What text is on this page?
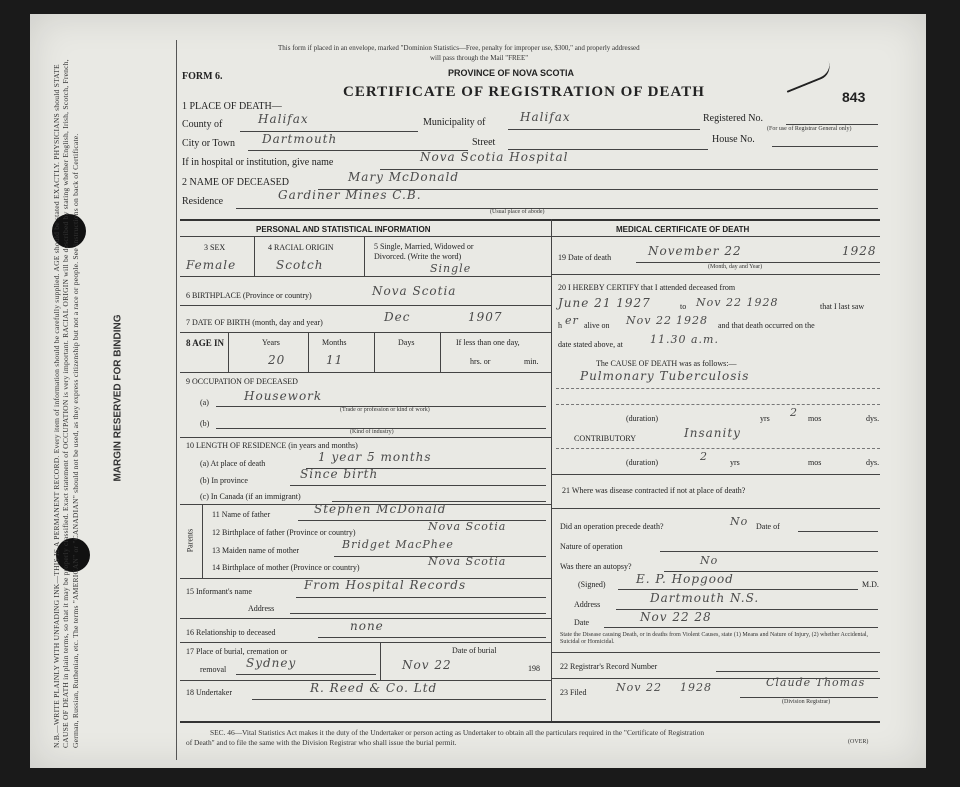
N.B.—WRITE PLAINLY WITH UNFADING INK—THIS IS A PERMANENT RECORD. Every item of information should be carefully supplied. AGE should be stated EXACTLY. PHYSICIANS should STATE CAUSE OF DEATH in plain terms, so that it may be properly classified. Exact statement of OCCUPATION is very important. RACIAL ORIGIN will be described by stating whether English, Irish, Scotch, French, German, Russian, Ruthenian, etc. The terms "AMERICAN" or "CANADIAN" should not be used, as they express citizenship but not a race or people. See instructions on back of Certificate.	MARGIN RESERVED FOR BINDING
This form if placed in an envelope, marked "Dominion Statistics—Free, penalty for improper use, $300," and properly addressed
will pass through the Mail "FREE"
FORM 6.	PROVINCE OF NOVA SCOTIA
CERTIFICATE OF REGISTRATION OF DEATH	843
1 PLACE OF DEATH—
County of	Halifax	Municipality of	Halifax	Registered No.
(For use of Registrar General only)
City or Town Dartmouth	Street	House No.
If in hospital or institution, give name	Nova Scotia Hospital
2 NAME OF DECEASED	Mary McDonald
Residence	Gardiner Mines C.B.
(Usual place of abode)
PERSONAL AND STATISTICAL INFORMATION
3 SEX
Female
4 RACIAL ORIGIN
Scotch
5 Single, Married, Widowed or
Divorced. (Write the word)
Single
6 BIRTHPLACE (Province or country)	Nova Scotia
7 DATE OF BIRTH (month, day and year)	Dec	1907
8 AGE IN	Years
20
Months
11
Days	If less than one day,
hrs. or	min.
9 OCCUPATION OF DECEASED
(a)	Housework
(Trade or profession or kind of work)
(b)
(Kind of industry)
10 LENGTH OF RESIDENCE (in years and months)
(a) At place of death	1 year 5 months
(b) In province	Since birth
(c) In Canada (if an immigrant)
Parents
11 Name of father	Stephen McDonald
12 Birthplace of father (Province or country)	Nova Scotia
13 Maiden name of mother	Bridget MacPhee
14 Birthplace of mother (Province or country)	Nova Scotia
15 Informant's name	From Hospital Records
Address
16 Relationship to deceased	none
17 Place of burial, cremation or
removal Sydney
Date of burial
Nov 22	198
18 Undertaker	R. Reed & Co. Ltd
MEDICAL CERTIFICATE OF DEATH
19 Date of death	November 22	1928
(Month, day and Year)
20 I HEREBY CERTIFY that I attended deceased from
June 21 1927	to Nov 22 1928	that I last saw
h er alive on Nov 22 1928 and that death occurred on the
date stated above, at 11.30 a.m.
The CAUSE OF DEATH was as follows:—
Pulmonary Tuberculosis
(duration)	yrs 2 mos	dys.
CONTRIBUTORY	Insanity
(duration)	2	yrs	mos	dys.
21 Where was disease contracted if not at place of death?
Did an operation precede death?	No Date of
Nature of operation
Was there an autopsy?	No
(Signed)	E. P. Hopgood	M.D.
Address	Dartmouth N.S.
Date	Nov 22 28
State the Disease causing Death, or in deaths from Violent Causes, state (1) Means and Nature of Injury, (2) whether Accidental, Suicidal or Homicidal.
22 Registrar's Record Number
23 Filed	Nov 22 1928	Claude Thomas
(Division Registrar)
SEC. 46—Vital Statistics Act makes it the duty of the Undertaker or person acting as Undertaker to obtain all the particulars required in the "Certificate of Registration
of Death" and to file the same with the Division Registrar who shall issue the burial permit.	(OVER)
